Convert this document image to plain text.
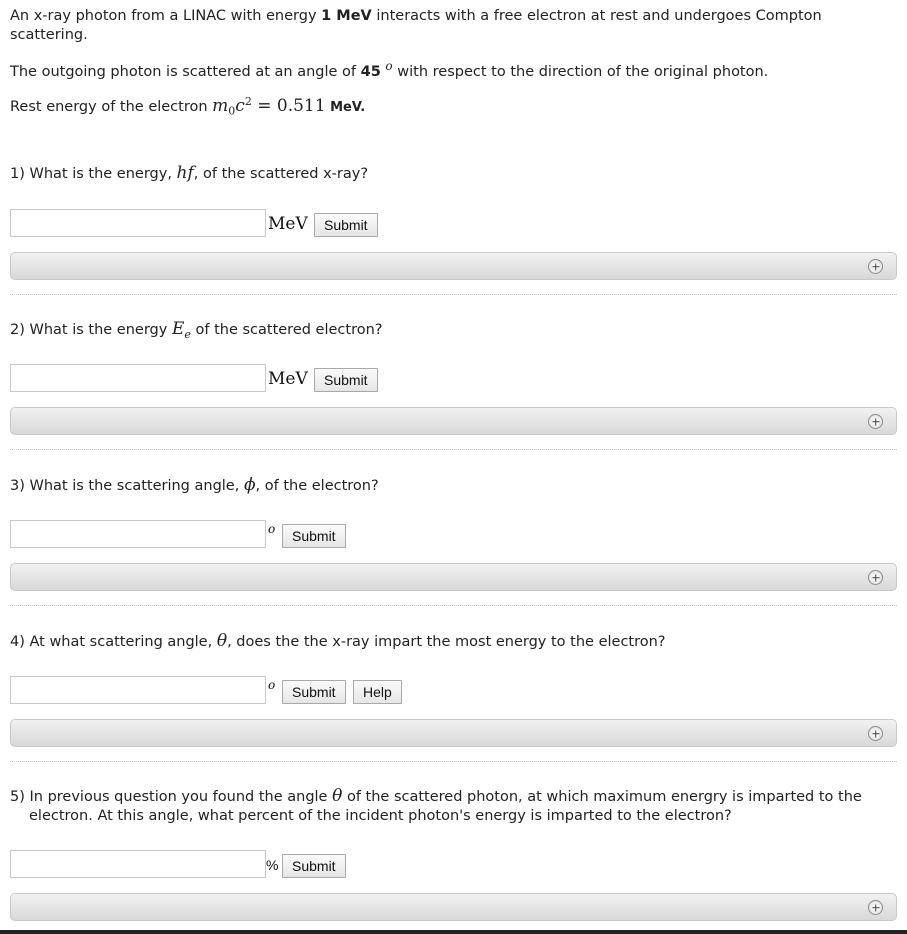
An x-ray photon from a LINAC with energy 1 MeV interacts with a free electron at rest and undergoes Compton scattering.
The outgoing photon is scattered at an angle of 45 $^o$ with respect to the direction of the original photon.
Rest energy of the electron $m_0c^2 = 0.511$ MeV.
1) What is the energy, hf, of the scattered x-ray?
MeV	Submit
2) What is the energy $E_e$ of the scattered electron?
MeV	Submit
3) What is the scattering angle, ϕ, of the electron?
o	Submit
4) At what scattering angle, θ, does the the x-ray impart the most energy to the electron?
o	Submit	Help
5) In previous question you found the angle θ of the scattered photon, at which maximum energry is imparted to the electron. At this angle, what percent of the incident photon's energy is imparted to the electron?
% Submit
